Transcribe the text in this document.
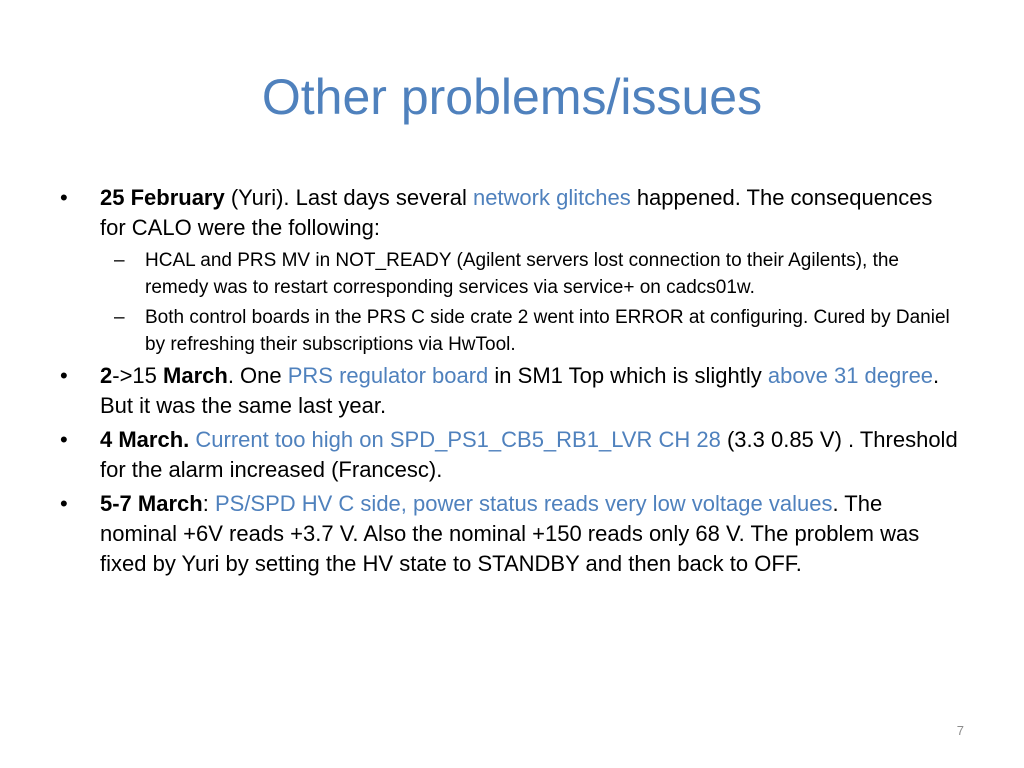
Other problems/issues
• 25 February (Yuri). Last days several network glitches happened. The consequences for CALO were the following:
– HCAL and PRS MV in NOT_READY (Agilent servers lost connection to their Agilents), the remedy was to restart corresponding services via service+ on cadcs01w.
– Both control boards in the PRS C side crate 2 went into ERROR at configuring. Cured by Daniel by refreshing their subscriptions via HwTool.
• 2->15 March. One PRS regulator board in SM1 Top which is slightly above 31 degree. But it was the same last year.
• 4 March. Current too high on SPD_PS1_CB5_RB1_LVR CH 28 (3.3 0.85 V) . Threshold for the alarm increased (Francesc).
• 5-7 March: PS/SPD HV C side, power status reads very low voltage values. The nominal +6V reads +3.7 V. Also the nominal +150 reads only 68 V. The problem was fixed by Yuri by setting the HV state to STANDBY and then back to OFF.
7
